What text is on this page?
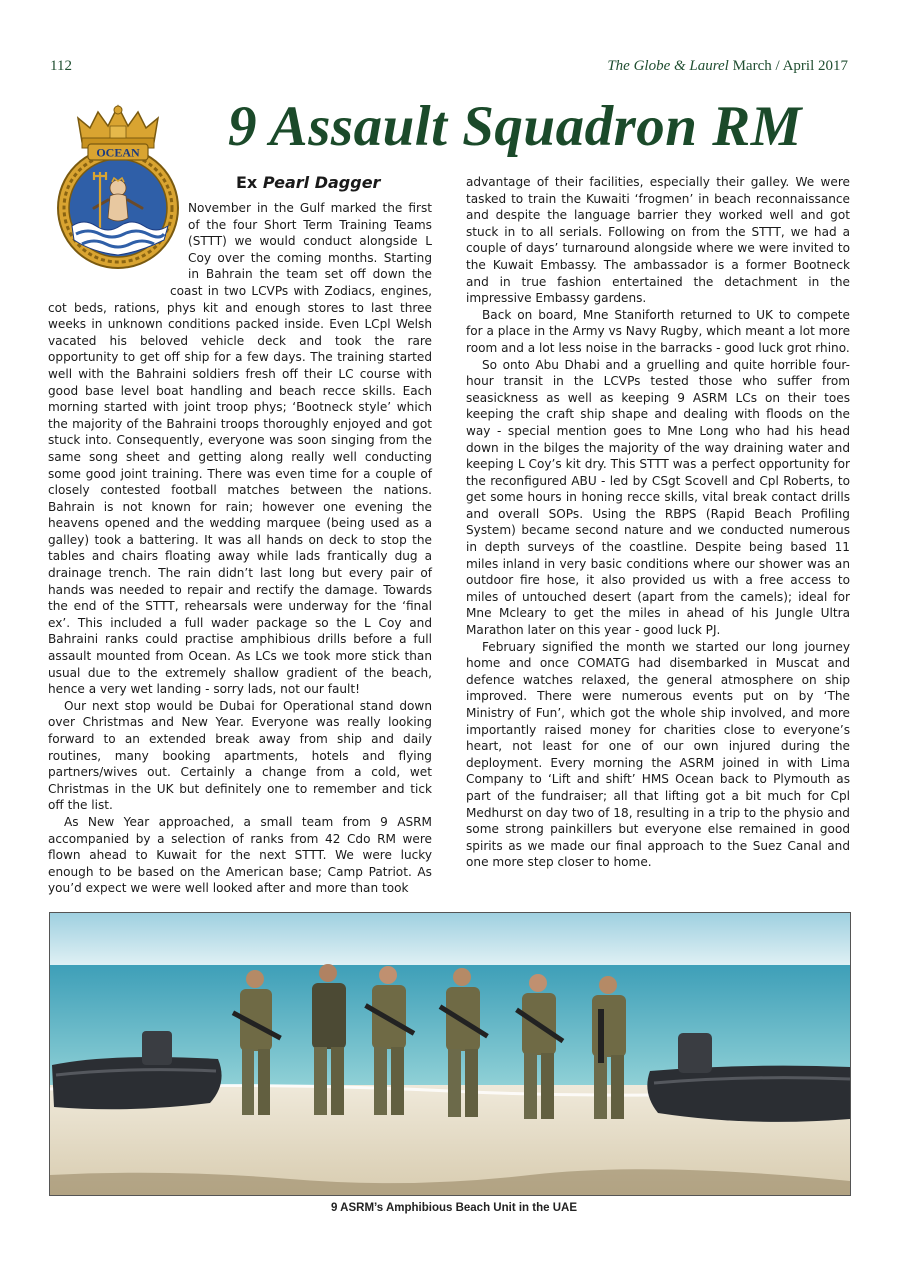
112	The Globe & Laurel March / April 2017
OCEAN	9 Assault Squadron RM
Ex Pearl Dagger

November in the Gulf marked the first of the four Short Term Training Teams (STTT) we would conduct alongside L Coy over the coming months. Starting in Bahrain the team set off down the coast in two LCVPs with Zodiacs, engines, cot beds, rations, phys kit and enough stores to last three weeks in unknown conditions packed inside. Even LCpl Welsh vacated his beloved vehicle deck and took the rare opportunity to get off ship for a few days. The training started well with the Bahraini soldiers fresh off their LC course with good base level boat handling and beach recce skills. Each morning started with joint troop phys; ‘Bootneck style’ which the majority of the Bahraini troops thoroughly enjoyed and got stuck into. Consequently, everyone was soon singing from the same song sheet and getting along really well conducting some good joint training. There was even time for a couple of closely contested football matches between the nations. Bahrain is not known for rain; however one evening the heavens opened and the wedding marquee (being used as a galley) took a battering. It was all hands on deck to stop the tables and chairs floating away while lads frantically dug a drainage trench. The rain didn’t last long but every pair of hands was needed to repair and rectify the damage. Towards the end of the STTT, rehearsals were underway for the ‘final ex’. This included a full wader package so the L Coy and Bahraini ranks could practise amphibious drills before a full assault mounted from Ocean. As LCs we took more stick than usual due to the extremely shallow gradient of the beach, hence a very wet landing - sorry lads, not our fault!

Our next stop would be Dubai for Operational stand down over Christmas and New Year. Everyone was really looking forward to an extended break away from ship and daily routines, many booking apartments, hotels and flying partners/wives out. Certainly a change from a cold, wet Christmas in the UK but definitely one to remember and tick off the list.

As New Year approached, a small team from 9 ASRM accompanied by a selection of ranks from 42 Cdo RM were flown ahead to Kuwait for the next STTT. We were lucky enough to be based on the American base; Camp Patriot. As you’d expect we were well looked after and more than took

advantage of their facilities, especially their galley. We were tasked to train the Kuwaiti ‘frogmen’ in beach reconnaissance and despite the language barrier they worked well and got stuck in to all serials. Following on from the STTT, we had a couple of days’ turnaround alongside where we were invited to the Kuwait Embassy. The ambassador is a former Bootneck and in true fashion entertained the detachment in the impressive Embassy gardens.

Back on board, Mne Staniforth returned to UK to compete for a place in the Army vs Navy Rugby, which meant a lot more room and a lot less noise in the barracks - good luck grot rhino.

So onto Abu Dhabi and a gruelling and quite horrible four-hour transit in the LCVPs tested those who suffer from seasickness as well as keeping 9 ASRM LCs on their toes keeping the craft ship shape and dealing with floods on the way - special mention goes to Mne Long who had his head down in the bilges the majority of the way draining water and keeping L Coy’s kit dry. This STTT was a perfect opportunity for the reconfigured ABU - led by CSgt Scovell and Cpl Roberts, to get some hours in honing recce skills, vital break contact drills and overall SOPs. Using the RBPS (Rapid Beach Profiling System) became second nature and we conducted numerous in depth surveys of the coastline. Despite being based 11 miles inland in very basic conditions where our shower was an outdoor fire hose, it also provided us with a free access to miles of untouched desert (apart from the camels); ideal for Mne Mcleary to get the miles in ahead of his Jungle Ultra Marathon later on this year - good luck PJ.

February signified the month we started our long journey home and once COMATG had disembarked in Muscat and defence watches relaxed, the general atmosphere on ship improved. There were numerous events put on by ‘The Ministry of Fun’, which got the whole ship involved, and more importantly raised money for charities close to everyone’s heart, not least for one of our own injured during the deployment. Every morning the ASRM joined in with Lima Company to ‘Lift and shift’ HMS Ocean back to Plymouth as part of the fundraiser; all that lifting got a bit much for Cpl Medhurst on day two of 18, resulting in a trip to the physio and some strong painkillers but everyone else remained in good spirits as we made our final approach to the Suez Canal and one more step closer to home.

9 ASRM’s Amphibious Beach Unit in the UAE
